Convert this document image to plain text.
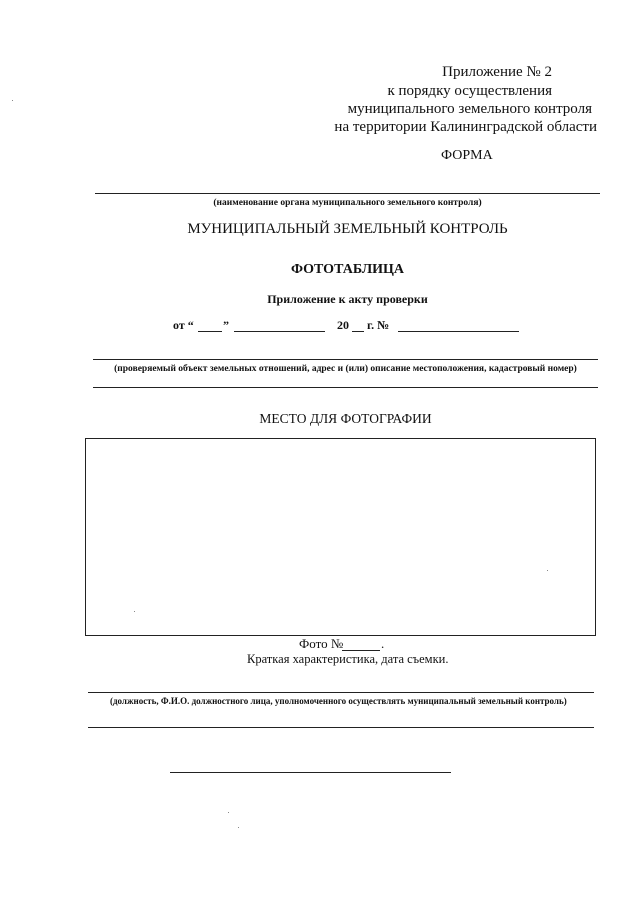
Приложение № 2
к порядку осуществления
муниципального земельного контроля
на территории Калининградской области
ФОРМА
(наименование органа муниципального земельного контроля)
МУНИЦИПАЛЬНЫЙ ЗЕМЕЛЬНЫЙ КОНТРОЛЬ
ФОТОТАБЛИЦА
Приложение к акту проверки
от “ ”	20 г. №
(проверяемый объект земельных отношений, адрес и (или) описание местоположения, кадастровый номер)
МЕСТО ДЛЯ ФОТОГРАФИИ
Фото №	.
Краткая характеристика, дата съемки.
(должность, Ф.И.О. должностного лица, уполномоченного осуществлять муниципальный земельный контроль)
